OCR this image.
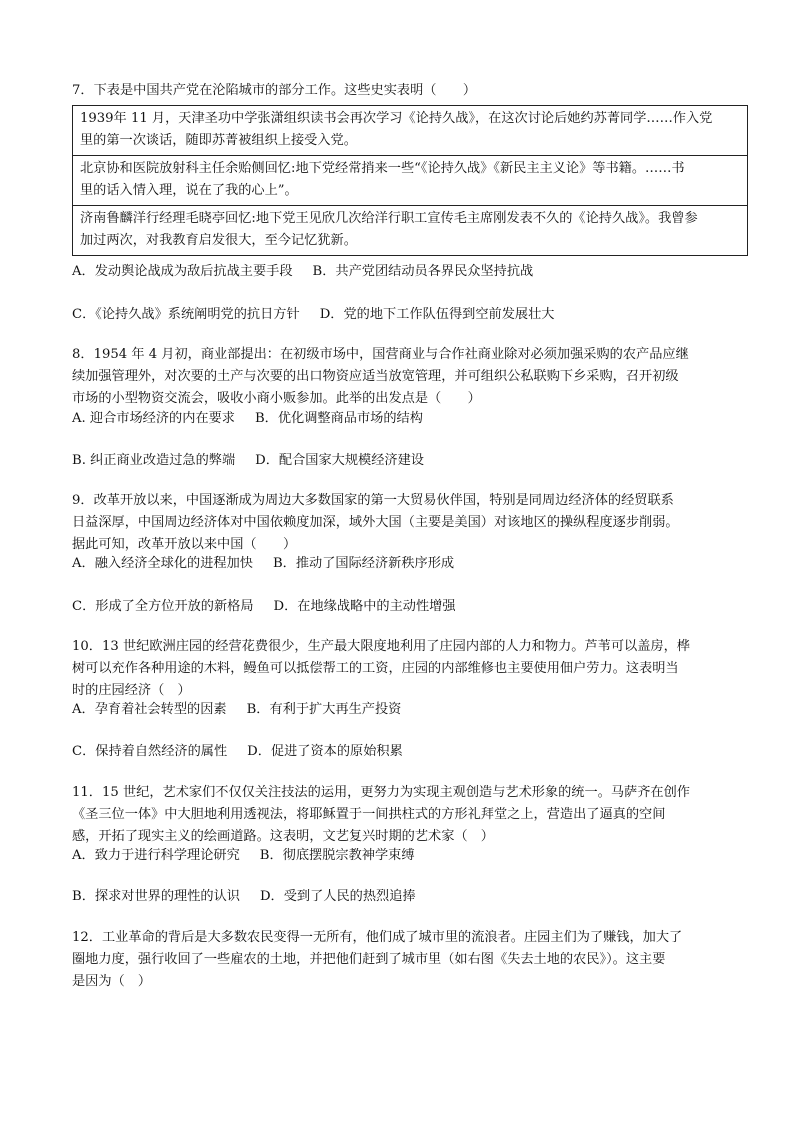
7．下表是中国共产党在沦陷城市的部分工作。这些史实表明（　　）
1939年 11 月，天津圣功中学张潇组织读书会再次学习《论持久战》，在这次讨论后她约苏菁同学……作入党
里的第一次谈话，随即苏菁被组织上接受入党。

北京协和医院放射科主任余贻侧回忆:地下党经常捎来一些“《论持久战》《新民主主义论》等书籍。……书
里的话入情入理，说在了我的心上”。

济南鲁麟洋行经理毛晓亭回忆:地下党王见欣几次给洋行职工宣传毛主席刚发表不久的《论持久战》。我曾参
加过两次，对我教育启发很大，至今记忆犹新。
A．发动舆论战成为敌后抗战主要手段 B．共产党团结动员各界民众坚持抗战
C．《论持久战》系统阐明党的抗日方针 D．党的地下工作队伍得到空前发展壮大
8．1954 年 4 月初，商业部提出：在初级市场中，国营商业与合作社商业除对必须加强采购的农产品应继
续加强管理外，对次要的土产与次要的出口物资应适当放宽管理，并可组织公私联购下乡采购，召开初级
市场的小型物资交流会，吸收小商小贩参加。此举的出发点是（　　）
A. 迎合市场经济的内在要求 B．优化调整商品市场的结构
B. 纠正商业改造过急的弊端 D．配合国家大规模经济建设
9．改革开放以来，中国逐渐成为周边大多数国家的第一大贸易伙伴国，特别是同周边经济体的经贸联系
日益深厚，中国周边经济体对中国依赖度加深，域外大国（主要是美国）对该地区的操纵程度逐步削弱。
据此可知，改革开放以来中国（　　）
A．融入经济全球化的进程加快 B．推动了国际经济新秩序形成
C．形成了全方位开放的新格局 D．在地缘战略中的主动性增强
10．13 世纪欧洲庄园的经营花费很少，生产最大限度地利用了庄园内部的人力和物力。芦苇可以盖房，桦
树可以充作各种用途的木料，鳗鱼可以抵偿帮工的工资，庄园的内部维修也主要使用佃户劳力。这表明当
时的庄园经济（　）
A．孕育着社会转型的因素 B．有利于扩大再生产投资
C．保持着自然经济的属性 D．促进了资本的原始积累
11．15 世纪，艺术家们不仅仅关注技法的运用，更努力为实现主观创造与艺术形象的统一。马萨齐在创作
《圣三位一体》中大胆地利用透视法，将耶稣置于一间拱柱式的方形礼拜堂之上，营造出了逼真的空间
感，开拓了现实主义的绘画道路。这表明，文艺复兴时期的艺术家（　）
A．致力于进行科学理论研究 B．彻底摆脱宗教神学束缚
B．探求对世界的理性的认识 D．受到了人民的热烈追捧
12．工业革命的背后是大多数农民变得一无所有，他们成了城市里的流浪者。庄园主们为了赚钱，加大了
圈地力度，强行收回了一些雇农的土地，并把他们赶到了城市里（如右图《失去土地的农民》）。这主要
是因为（　）
